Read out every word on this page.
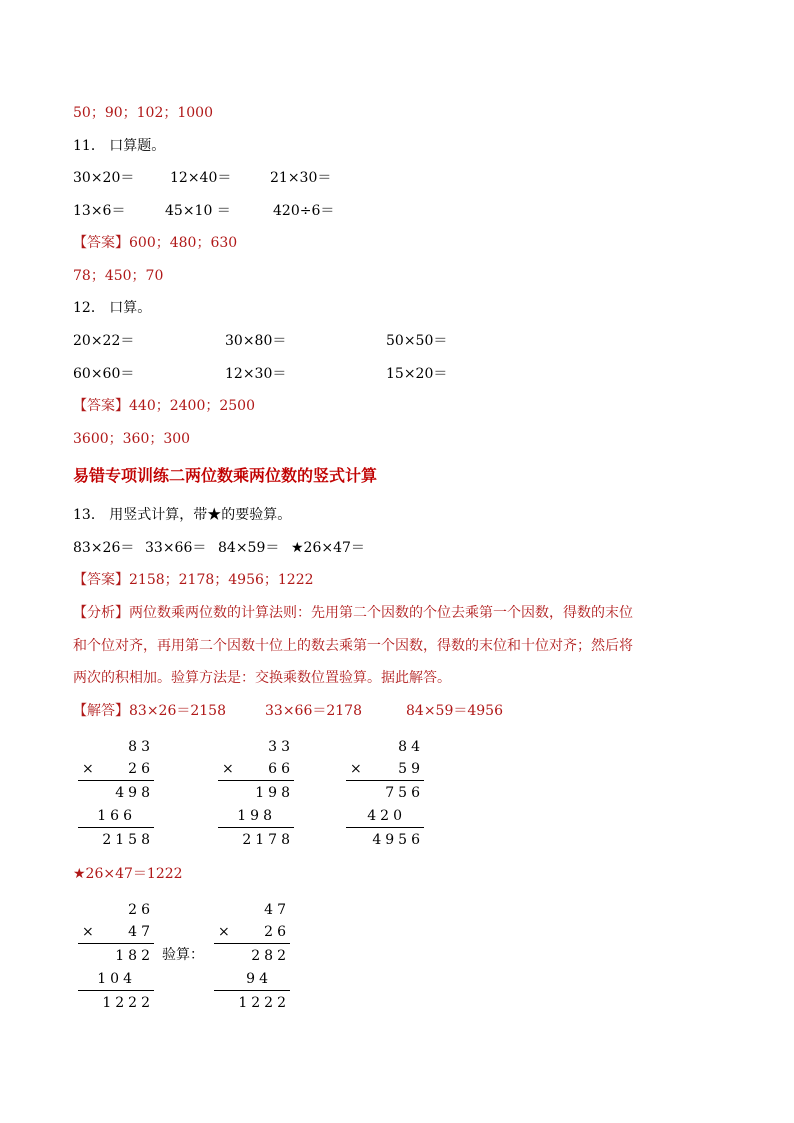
50；90；102；1000
11． 口算题。
30×20＝	12×40＝	21×30＝
13×6＝	45×10 ＝	420÷6＝
【答案】600；480；630
78；450；70
12． 口算。
20×22＝	30×80＝	50×50＝
60×60＝	12×30＝	15×20＝
【答案】440；2400；2500
3600；360；300
易错专项训练二两位数乘两位数的竖式计算
13． 用竖式计算，带★的要验算。
83×26＝ 33×66＝ 84×59＝ ★26×47＝
【答案】2158；2178；4956；1222
【分析】两位数乘两位数的计算法则：先用第二个因数的个位去乘第一个因数，得数的末位
和个位对齐，再用第二个因数十位上的数去乘第一个因数，得数的末位和十位对齐；然后将
两次的积相加。验算方法是：交换乘数位置验算。据此解答。
【解答】83×26＝2158	33×66＝2178	84×59＝4956
83
× 26
498
166
2158
33
× 66
198
198
2178
84
×	59
756
420
4956
★26×47＝1222
26
× 47
182
104
1222
验算：
47
× 26
282
94
1222
